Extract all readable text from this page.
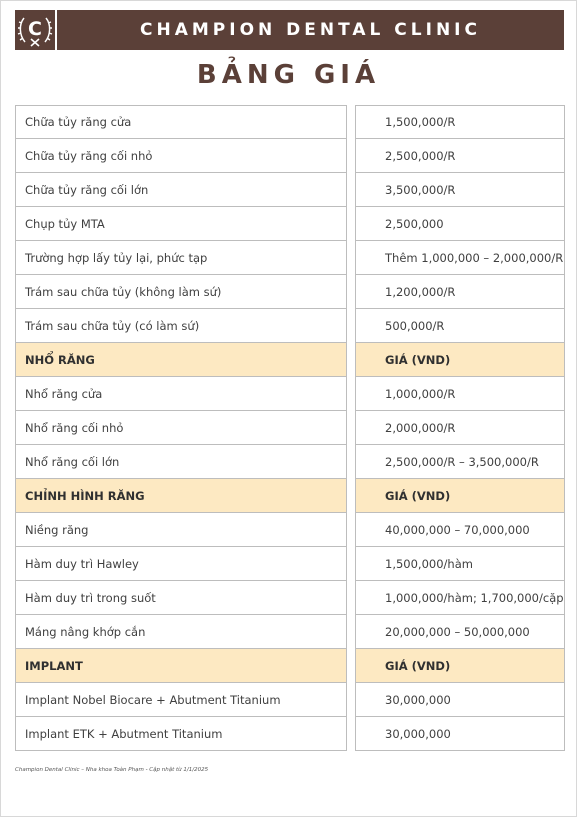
C	CHAMPION DENTAL CLINIC
BẢNG GIÁ
Chữa tủy răng cửa	1,500,000/R
Chữa tủy răng cối nhỏ	2,500,000/R
Chữa tủy răng cối lớn	3,500,000/R
Chụp tủy MTA	2,500,000
Trường hợp lấy tủy lại, phức tạp	Thêm 1,000,000 – 2,000,000/R
Trám sau chữa tủy (không làm sứ)	1,200,000/R
Trám sau chữa tủy (có làm sứ)	500,000/R
NHỔ RĂNG	GIÁ (VND)
Nhổ răng cửa	1,000,000/R
Nhổ răng cối nhỏ	2,000,000/R
Nhổ răng cối lớn	2,500,000/R – 3,500,000/R
CHỈNH HÌNH RĂNG	GIÁ (VND)
Niềng răng	40,000,000 – 70,000,000
Hàm duy trì Hawley	1,500,000/hàm
Hàm duy trì trong suốt	1,000,000/hàm; 1,700,000/cặp
Máng nâng khớp cắn	20,000,000 – 50,000,000
IMPLANT	GIÁ (VND)
Implant Nobel Biocare + Abutment Titanium	30,000,000
Implant ETK + Abutment Titanium	30,000,000
Champion Dental Clinic – Nha khoa Toàn Phạm - Cập nhật từ 1/1/2025
